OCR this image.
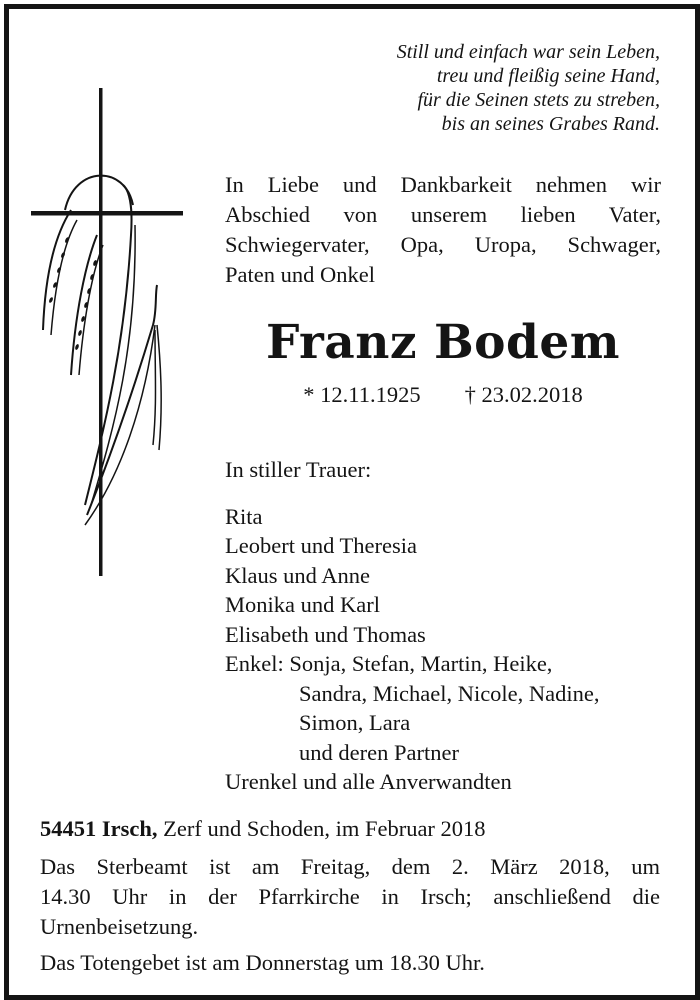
Still und einfach war sein Leben,
treu und fleißig seine Hand,
für die Seinen stets zu streben,
bis an seines Grabes Rand.
In Liebe und Dankbarkeit nehmen wir
Abschied von unserem lieben Vater,
Schwiegervater, Opa, Uropa, Schwager,
Paten und Onkel
Franz Bodem
* 12.11.1925 † 23.02.2018
In stiller Trauer:
Rita
Leobert und Theresia
Klaus und Anne
Monika und Karl
Elisabeth und Thomas
Enkel: Sonja, Stefan, Martin, Heike,
Sandra, Michael, Nicole, Nadine,
Simon, Lara
und deren Partner
Urenkel und alle Anverwandten
54451 Irsch, Zerf und Schoden, im Februar 2018
Das Sterbeamt ist am Freitag, dem 2. März 2018, um
14.30 Uhr in der Pfarrkirche in Irsch; anschließend die
Urnenbeisetzung.
Das Totengebet ist am Donnerstag um 18.30 Uhr.
